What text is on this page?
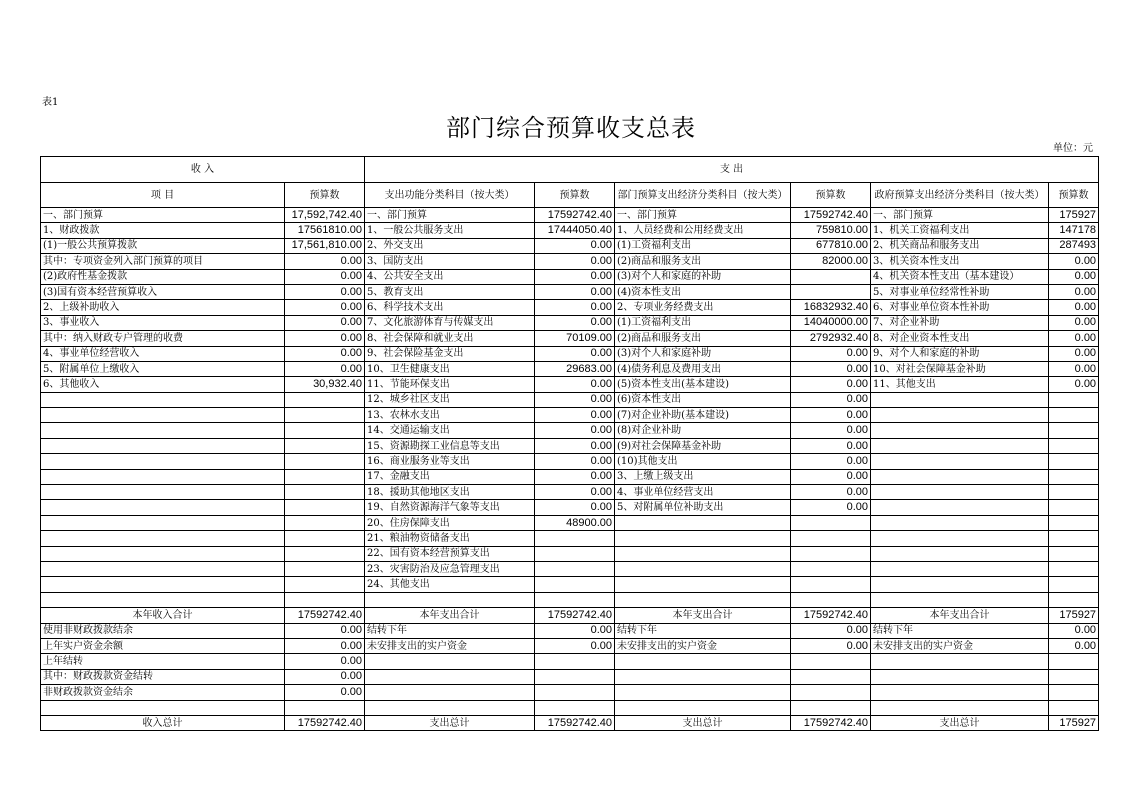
表1
部门综合预算收支总表
单位：元
收 入		支 出					
项 目	预算数	支出功能分类科目（按大类）	预算数	部门预算支出经济分类科目（按大类）	预算数	政府预算支出经济分类科目（按大类）	预算数
一、部门预算	17,592,742.40	一、部门预算	17592742.40	一、部门预算	17592742.40	一、部门预算	175927
1、财政拨款	17561810.00	1、一般公共服务支出	17444050.40	1、人员经费和公用经费支出	759810.00	1、机关工资福利支出	147178
(1)一般公共预算拨款	17,561,810.00	2、外交支出	0.00	(1)工资福利支出	677810.00	2、机关商品和服务支出	287493
其中：专项资金列入部门预算的项目	0.00	3、国防支出	0.00	(2)商品和服务支出	82000.00	3、机关资本性支出	0.00
(2)政府性基金拨款	0.00	4、公共安全支出	0.00	(3)对个人和家庭的补助		4、机关资本性支出（基本建设）	0.00
(3)国有资本经营预算收入	0.00	5、教育支出	0.00	(4)资本性支出		5、对事业单位经常性补助	0.00
2、上级补助收入	0.00	6、科学技术支出	0.00	2、专项业务经费支出	16832932.40	6、对事业单位资本性补助	0.00
3、事业收入	0.00	7、文化旅游体育与传媒支出	0.00	(1)工资福利支出	14040000.00	7、对企业补助	0.00
其中：纳入财政专户管理的收费	0.00	8、社会保障和就业支出	70109.00	(2)商品和服务支出	2792932.40	8、对企业资本性支出	0.00
4、事业单位经营收入	0.00	9、社会保险基金支出	0.00	(3)对个人和家庭补助	0.00	9、对个人和家庭的补助	0.00
5、附属单位上缴收入	0.00	10、卫生健康支出	29683.00	(4)债务利息及费用支出	0.00	10、对社会保障基金补助	0.00
6、其他收入	30,932.40	11、节能环保支出	0.00	(5)资本性支出(基本建设)	0.00	11、其他支出	0.00
		12、城乡社区支出	0.00	(6)资本性支出	0.00		
		13、农林水支出	0.00	(7)对企业补助(基本建设)	0.00		
		14、交通运输支出	0.00	(8)对企业补助	0.00		
		15、资源勘探工业信息等支出	0.00	(9)对社会保障基金补助	0.00		
		16、商业服务业等支出	0.00	(10)其他支出	0.00		
		17、金融支出	0.00	3、上缴上级支出	0.00		
		18、援助其他地区支出	0.00	4、事业单位经营支出	0.00		
		19、自然资源海洋气象等支出	0.00	5、对附属单位补助支出	0.00		
		20、住房保障支出	48900.00				
		21、粮油物资储备支出					
		22、国有资本经营预算支出					
		23、灾害防治及应急管理支出					
		24、其他支出					

本年收入合计	17592742.40	本年支出合计	17592742.40	本年支出合计	17592742.40	本年支出合计	175927
使用非财政拨款结余	0.00	结转下年	0.00	结转下年	0.00	结转下年	0.00
上年实户资金余额	0.00	未安排支出的实户资金	0.00	未安排支出的实户资金	0.00	未安排支出的实户资金	0.00
上年结转	0.00						
其中：财政拨款资金结转	0.00						
非财政拨款资金结余	0.00						

收入总计	17592742.40	支出总计	17592742.40	支出总计	17592742.40	支出总计	175927
